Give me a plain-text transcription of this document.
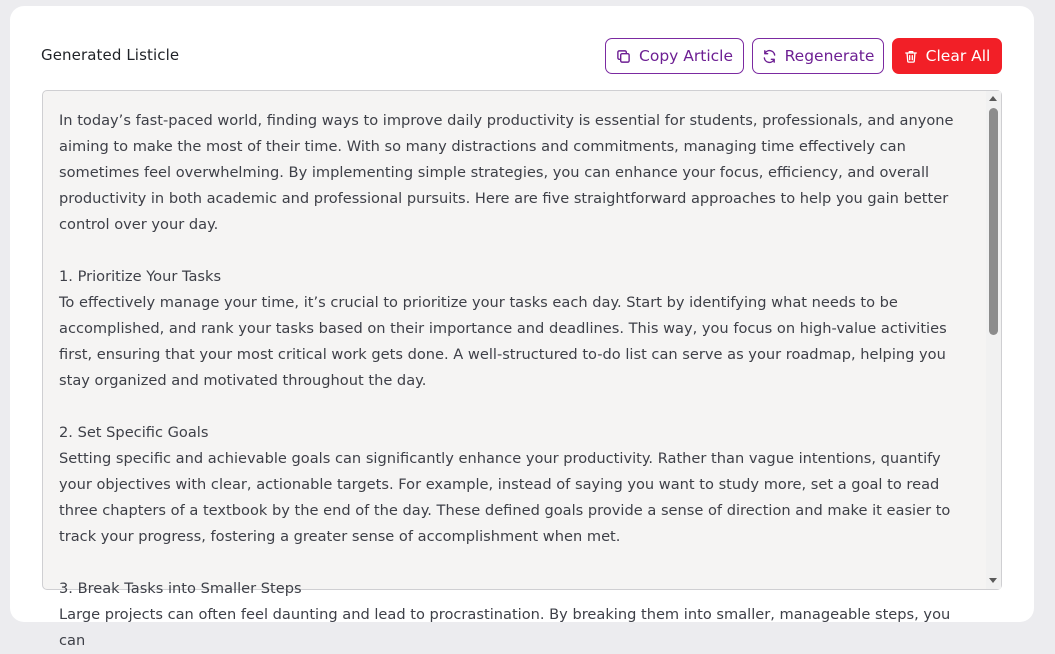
Generated Listicle	Copy Article	Regenerate	Clear All

In today’s fast-paced world, finding ways to improve daily productivity is essential for students, professionals, and anyone aiming to make the most of their time. With so many distractions and commitments, managing time effectively can sometimes feel overwhelming. By implementing simple strategies, you can enhance your focus, efficiency, and overall productivity in both academic and professional pursuits. Here are five straightforward approaches to help you gain better control over your day.

1. Prioritize Your Tasks

To effectively manage your time, it’s crucial to prioritize your tasks each day. Start by identifying what needs to be accomplished, and rank your tasks based on their importance and deadlines. This way, you focus on high-value activities first, ensuring that your most critical work gets done. A well-structured to-do list can serve as your roadmap, helping you stay organized and motivated throughout the day.

2. Set Specific Goals

Setting specific and achievable goals can significantly enhance your productivity. Rather than vague intentions, quantify your objectives with clear, actionable targets. For example, instead of saying you want to study more, set a goal to read three chapters of a textbook by the end of the day. These defined goals provide a sense of direction and make it easier to track your progress, fostering a greater sense of accomplishment when met.

3. Break Tasks into Smaller Steps

Large projects can often feel daunting and lead to procrastination. By breaking them into smaller, manageable steps, you can
